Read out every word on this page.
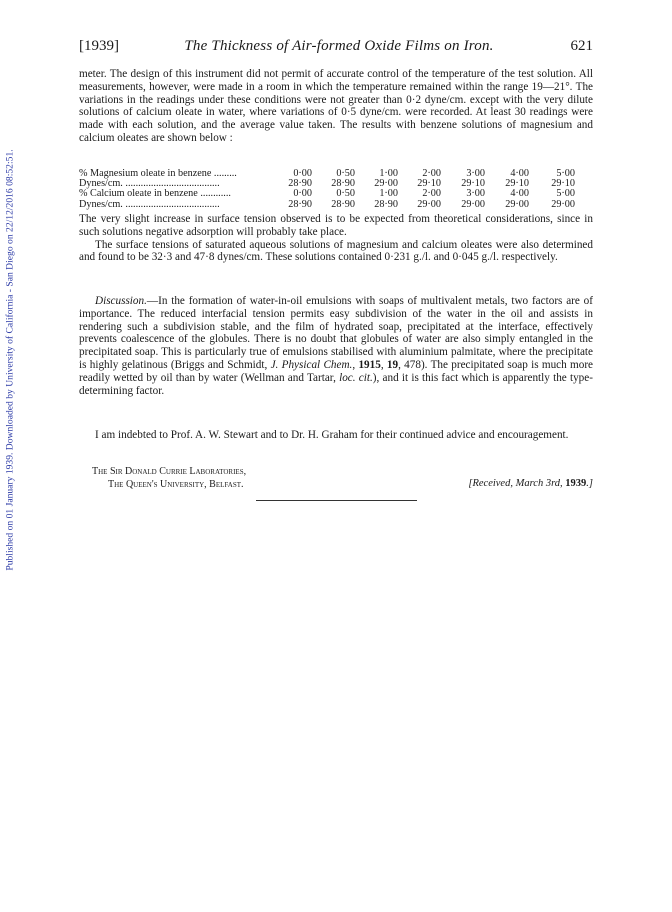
Published on 01 January 1939. Downloaded by University of California - San Diego on 22/12/2016 08:52:51.
[1939]	The Thickness of Air-formed Oxide Films on Iron.	621

meter. The design of this instrument did not permit of accurate control of the temperature of the test solution. All measurements, however, were made in a room in which the temperature remained within the range 19—21°. The variations in the readings under these conditions were not greater than 0·2 dyne/cm. except with the very dilute solutions of calcium oleate in water, where variations of 0·5 dyne/cm. were recorded. At least 30 readings were made with each solution, and the average value taken. The results with benzene solutions of magnesium and calcium oleates are shown below :

% Magnesium oleate in benzene .........	0·00	0·50	1·00	2·00	3·00	4·00	5·00
Dynes/cm. .....................................	28·90	28·90	29·00	29·10	29·10	29·10	29·10
% Calcium oleate in benzene ............	0·00	0·50	1·00	2·00	3·00	4·00	5·00
Dynes/cm. .....................................	28·90	28·90	28·90	29·00	29·00	29·00	29·00

The very slight increase in surface tension observed is to be expected from theoretical considerations, since in such solutions negative adsorption will probably take place.

The surface tensions of saturated aqueous solutions of magnesium and calcium oleates were also determined and found to be 32·3 and 47·8 dynes/cm. These solutions contained 0·231 g./l. and 0·045 g./l. respectively.

Discussion.—In the formation of water-in-oil emulsions with soaps of multivalent metals, two factors are of importance. The reduced interfacial tension permits easy subdivision of the water in the oil and assists in rendering such a subdivision stable, and the film of hydrated soap, precipitated at the interface, effectively prevents coalescence of the globules. There is no doubt that globules of water are also simply entangled in the precipitated soap. This is particularly true of emulsions stabilised with aluminium palmitate, where the precipitate is highly gelatinous (Briggs and Schmidt, J. Physical Chem., 1915, 19, 478). The precipitated soap is much more readily wetted by oil than by water (Wellman and Tartar, loc. cit.), and it is this fact which is apparently the type-determining factor.

I am indebted to Prof. A. W. Stewart and to Dr. H. Graham for their continued advice and encouragement.

The Sir Donald Currie Laboratories,
The Queen's University, Belfast.	[Received, March 3rd, 1939.]
